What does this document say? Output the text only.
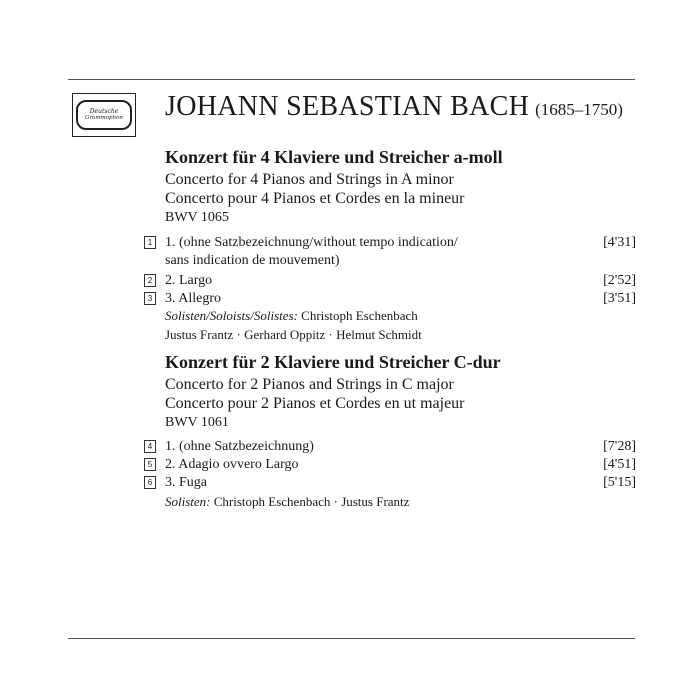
Deutsche
Grammophon JOHANN SEBASTIAN BACH (1685–1750)
Konzert für 4 Klaviere und Streicher a-moll
Concerto for 4 Pianos and Strings in A minor
Concerto pour 4 Pianos et Cordes en la mineur
BWV 1065
1 1. (ohne Satzbezeichnung/without tempo indication/	[4'31]
sans indication de mouvement)
2 2. Largo	[2'52]
3 3. Allegro	[3'51]
Solisten/Soloists/Solistes: Christoph Eschenbach
Justus Frantz · Gerhard Oppitz · Helmut Schmidt
Konzert für 2 Klaviere und Streicher C-dur
Concerto for 2 Pianos and Strings in C major
Concerto pour 2 Pianos et Cordes en ut majeur
BWV 1061
4 1. (ohne Satzbezeichnung)	[7'28]
5 2. Adagio ovvero Largo	[4'51]
6 3. Fuga	[5'15]
Solisten: Christoph Eschenbach · Justus Frantz
